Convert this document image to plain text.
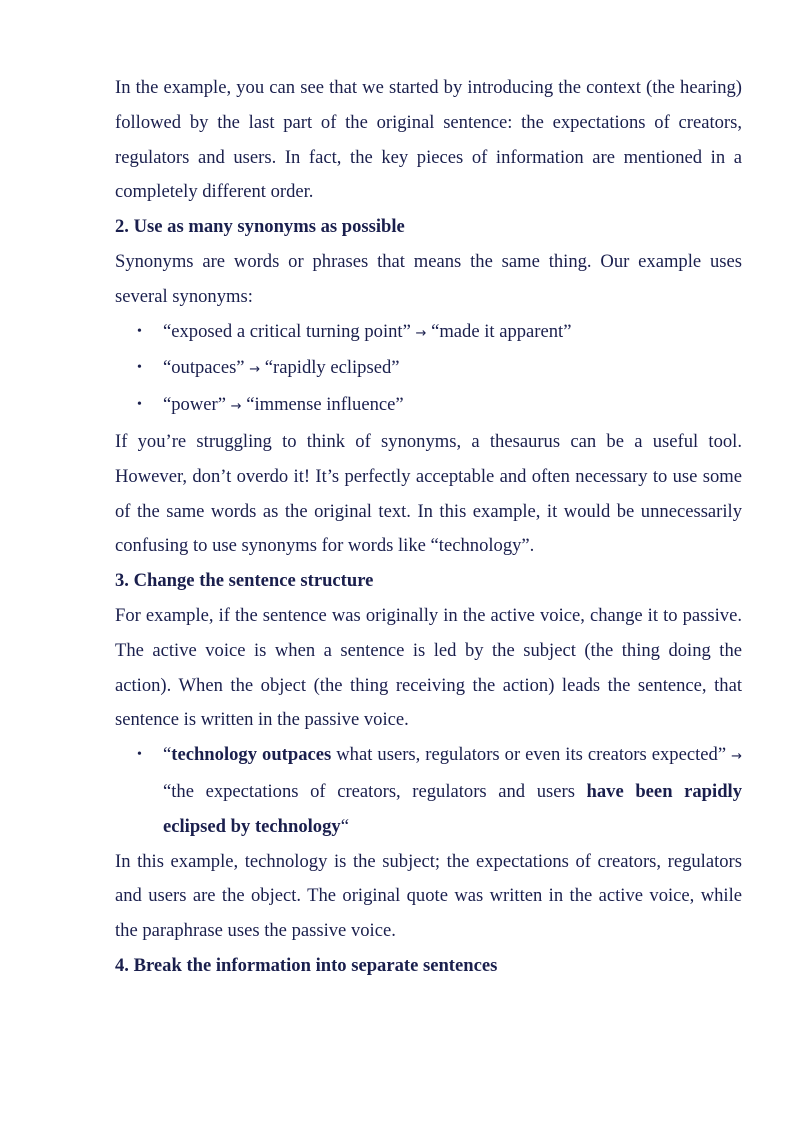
In the example, you can see that we started by introducing the context (the hearing) followed by the last part of the original sentence: the expectations of creators, regulators and users. In fact, the key pieces of information are mentioned in a completely different order.

2. Use as many synonyms as possible

Synonyms are words or phrases that means the same thing. Our example uses several synonyms:

• “exposed a critical turning point” → “made it apparent”
• “outpaces” → “rapidly eclipsed”
• “power” → “immense influence”

If you’re struggling to think of synonyms, a thesaurus can be a useful tool. However, don’t overdo it! It’s perfectly acceptable and often necessary to use some of the same words as the original text. In this example, it would be unnecessarily confusing to use synonyms for words like “technology”.

3. Change the sentence structure

For example, if the sentence was originally in the active voice, change it to passive. The active voice is when a sentence is led by the subject (the thing doing the action). When the object (the thing receiving the action) leads the sentence, that sentence is written in the passive voice.

• “technology outpaces what users, regulators or even its creators expected” → “the expectations of creators, regulators and users have been rapidly eclipsed by technology“

In this example, technology is the subject; the expectations of creators, regulators and users are the object. The original quote was written in the active voice, while the paraphrase uses the passive voice.

4. Break the information into separate sentences
